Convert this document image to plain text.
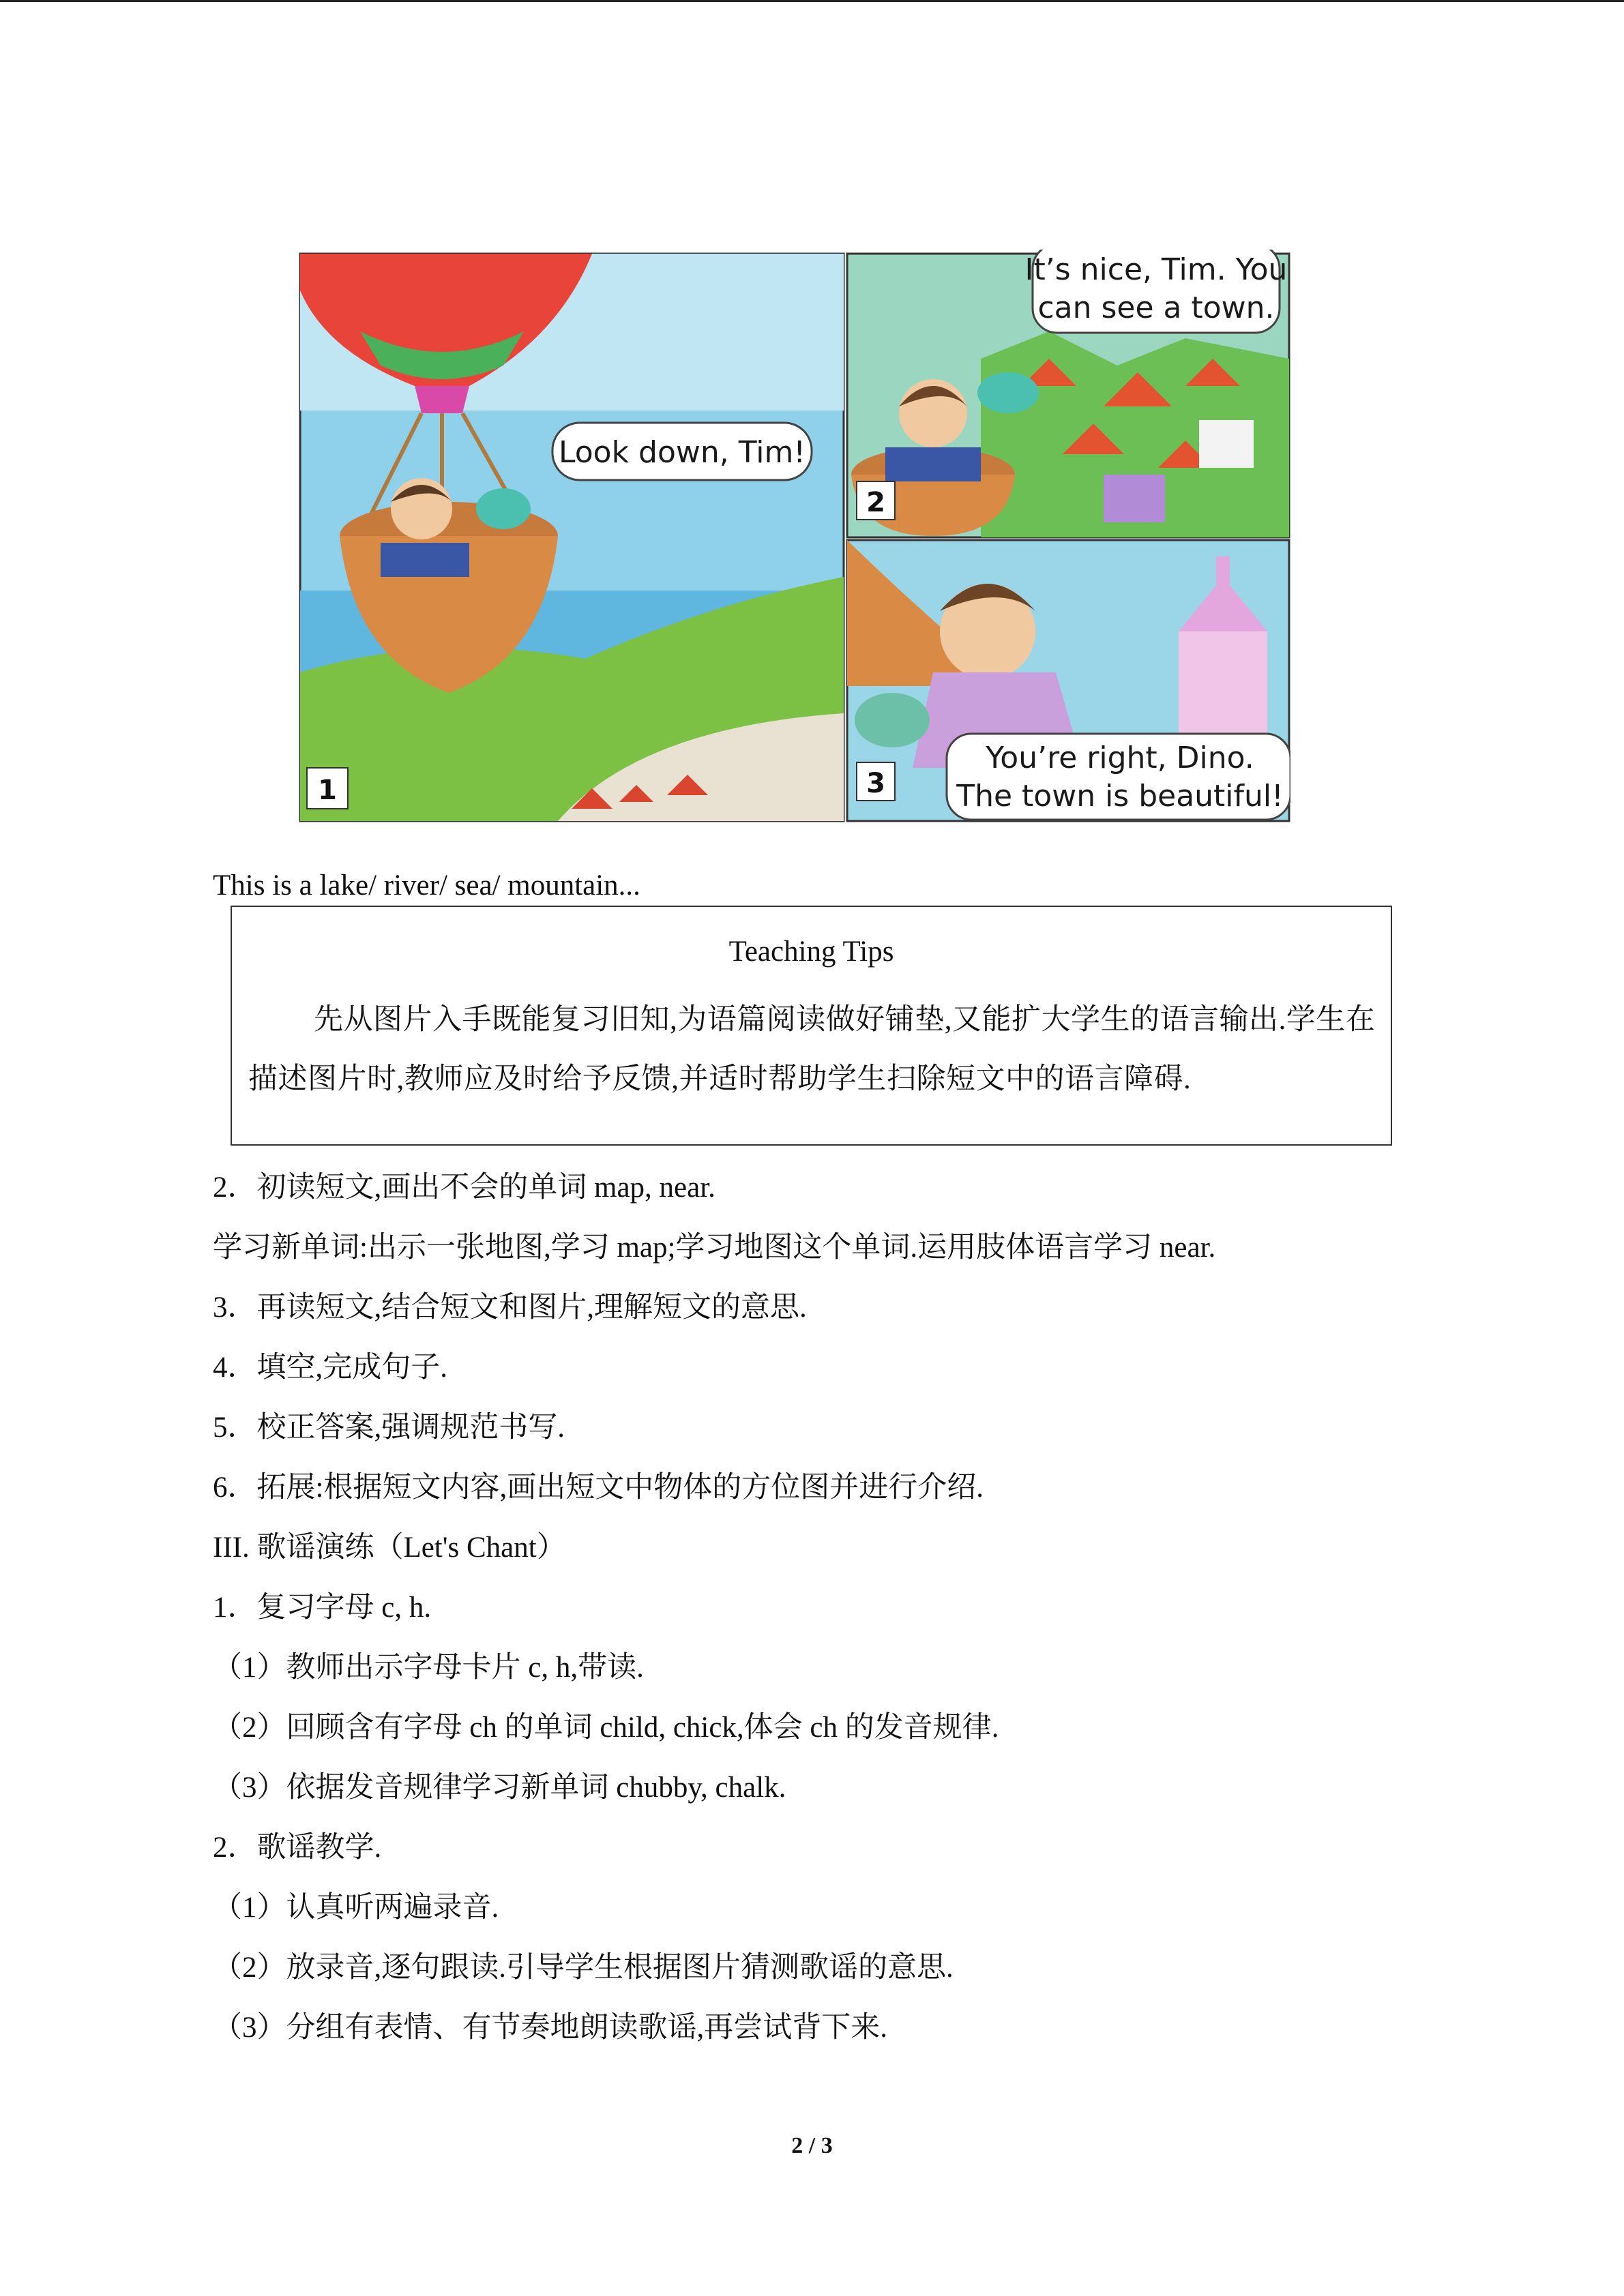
Look down, Tim!
1
2
It’s nice, Tim. You
can see a town.
3
You’re right, Dino.
The town is beautiful!
This is a lake/ river/ sea/ mountain...
Teaching Tips
先从图片入手既能复习旧知,为语篇阅读做好铺垫,又能扩大学生的语言输出.学生在描述图片时,教师应及时给予反馈,并适时帮助学生扫除短文中的语言障碍.
2．初读短文,画出不会的单词 map, near.
学习新单词:出示一张地图,学习 map;学习地图这个单词.运用肢体语言学习 near.
3．再读短文,结合短文和图片,理解短文的意思.
4．填空,完成句子.
5．校正答案,强调规范书写.
6．拓展:根据短文内容,画出短文中物体的方位图并进行介绍.
III. 歌谣演练（Let's Chant）
1．复习字母 c, h.
（1）教师出示字母卡片 c, h,带读.
（2）回顾含有字母 ch 的单词 child, chick,体会 ch 的发音规律.
（3）依据发音规律学习新单词 chubby, chalk.
2．歌谣教学.
（1）认真听两遍录音.
（2）放录音,逐句跟读.引导学生根据图片猜测歌谣的意思.
（3）分组有表情、有节奏地朗读歌谣,再尝试背下来.
2 / 3
